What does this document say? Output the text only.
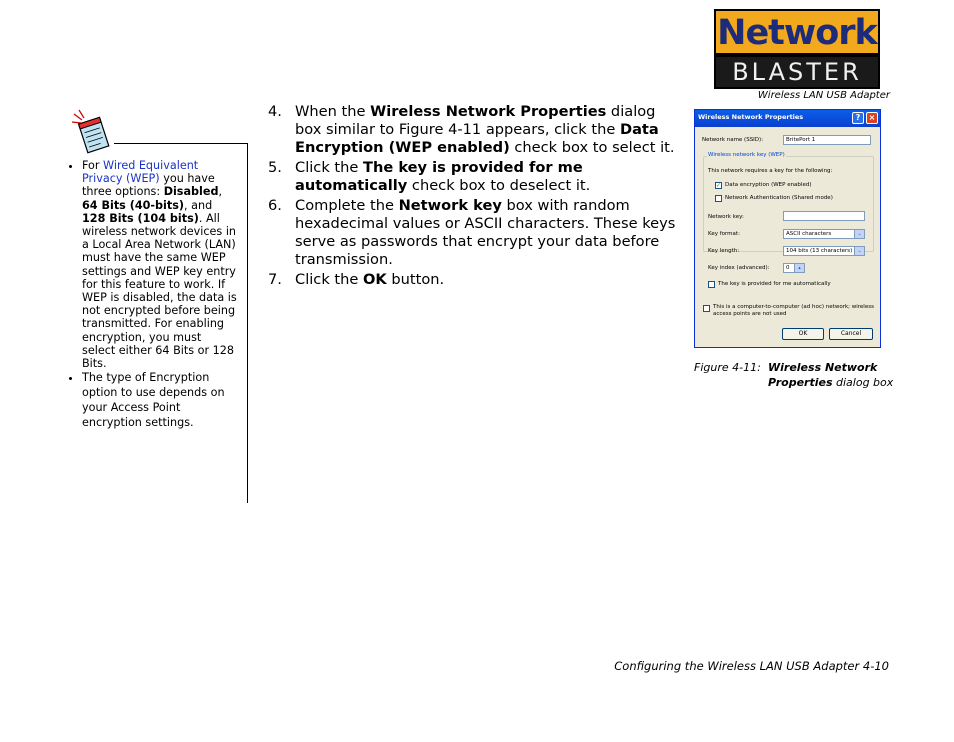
Network
BLASTER
Wireless LAN USB Adapter
• For Wired Equivalent Privacy (WEP) you have three options: Disabled, 64 Bits (40-bits), and 128 Bits (104 bits). All wireless network devices in a Local Area Network (LAN) must have the same WEP settings and WEP key entry for this feature to work. If WEP is disabled, the data is not encrypted before being transmitted. For enabling encryption, you must select either 64 Bits or 128 Bits.
• The type of Encryption option to use depends on your Access Point encryption settings.
4. When the Wireless Network Properties dialog box similar to Figure 4-11 appears, click the Data Encryption (WEP enabled) check box to select it.
5. Click the The key is provided for me automatically check box to deselect it.
6. Complete the Network key box with random hexadecimal values or ASCII characters. These keys serve as passwords that encrypt your data before transmission.
7. Click the OK button.
Wireless Network Properties	?	×
Network name (SSID):	BritePort 1
Wireless network key (WEP)
This network requires a key for the following:
✓ Data encryption (WEP enabled)
Network Authentication (Shared mode)
Network key:
Key format:	ASCII characters	⌄
Key length:	104 bits (13 characters)	⌄
Key index (advanced):	0	▴
The key is provided for me automatically
This is a computer-to-computer (ad hoc) network; wireless access points are not used
OK	Cancel
Figure 4-11: Wireless Network Properties dialog box
Configuring the Wireless LAN USB Adapter 4-10
